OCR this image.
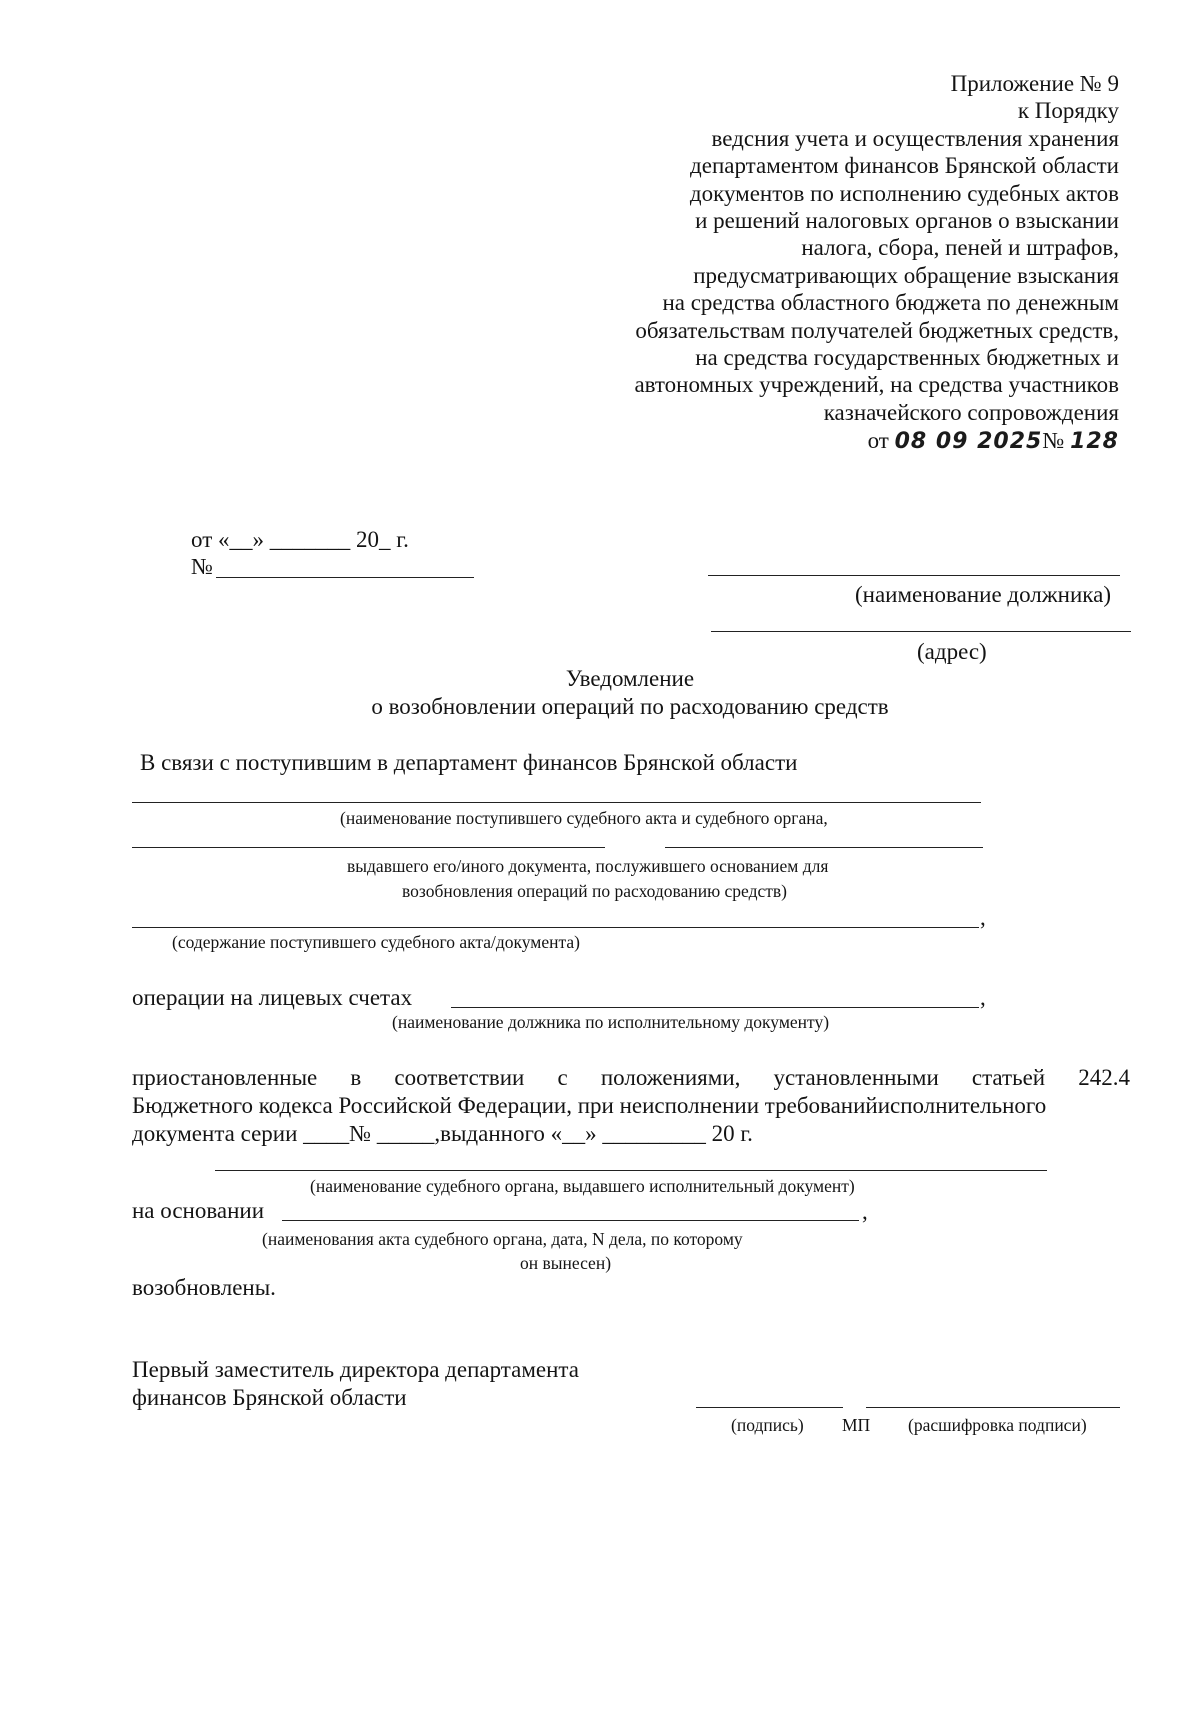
Приложение № 9
к Порядку
ведсния учета и осуществления хранения
департаментом финансов Брянской области
документов по исполнению судебных актов
и решений налоговых органов о взыскании
налога, сбора, пеней и штрафов,
предусматривающих обращение взыскания
на средства областного бюджета по денежным
обязательствам получателей бюджетных средств,
на средства государственных бюджетных и
автономных учреждений, на средства участников
казначейского сопровождения
от 08 09 2025№ 128
от «__» _______ 20_ г.
№
(наименование должника)
(адрес)
Уведомление
о возобновлении операций по расходованию средств
В связи с поступившим в департамент финансов Брянской области
(наименование поступившего судебного акта и судебного органа,
выдавшего его/иного документа, послужившего основанием для
возобновления операций по расходованию средств)
,
(содержание поступившего судебного акта/документа)
операции на лицевых счетах	,
(наименование должника по исполнительному документу)
приостановленные в соответствии с положениями, установленными статьей 242.4
Бюджетного кодекса Российской Федерации, при неисполнении требованийисполнительного
документа серии ____№ _____,выданного «__» _________ 20 г.
(наименование судебного органа, выдавшего исполнительный документ)
на основании	,
(наименования акта судебного органа, дата, N дела, по которому
он вынесен)
возобновлены.
Первый заместитель директора департамента
финансов Брянской области
(подпись) МП (расшифровка подписи)
